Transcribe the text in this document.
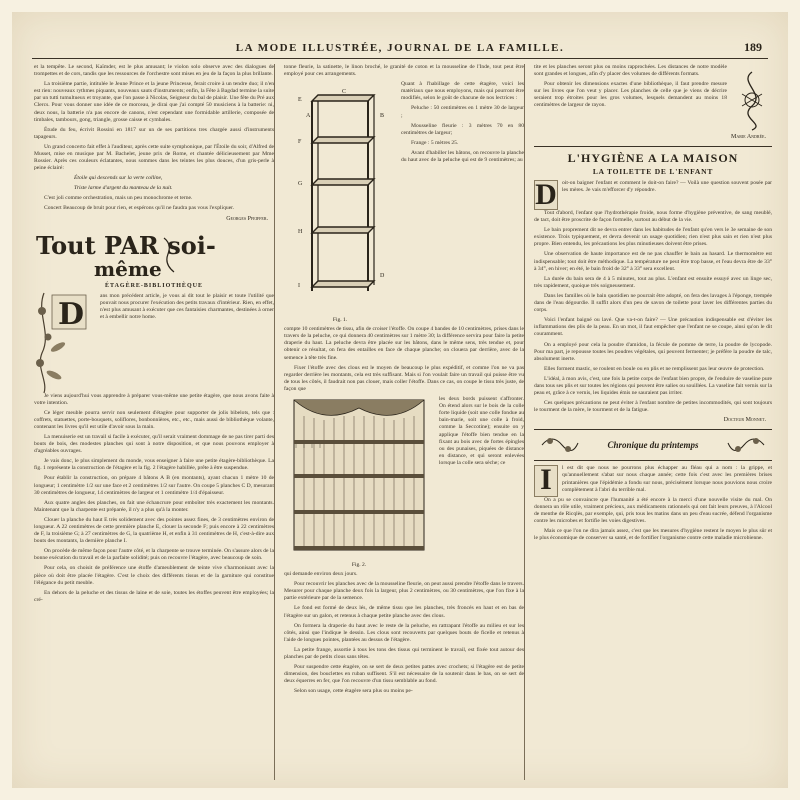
LA MODE ILLUSTRÉE, JOURNAL DE LA FAMILLE.	189

et la tempête. Le second, Kaïmder, est le plus amusant; le violon solo observe avec des dialogues de trompettes et de cors, tandis que les ressources de l'orchestre sont mises en jeu de la façon la plus brillante.

La troisième partie, intitulée le Jeune Prince et la jeune Princesse, ferait croire à un tendre duo; il n'en est rien: nouveaux rythmes piquants, nouveaux sauts d'instruments; enfin, la Fête à Bagdad termine la suite par un tutti tumultueux et troyante, que l'on passe à Nicolas, Seigneur du bal de plaisir. Une fête du Pré aux Clercs. Pour vous donner une idée de ce morceau, je dirai que j'ai compté 50 musiciens à la batterie: ni, deux nous, la batterie n'a pas encore de canons, n'est cependant une formidable artillerie, composée de timbales, tambours, gong, triangle, grosse caisse et cymbales.

Étude du feu, écrivit Rossini en 1817 sur un de ses partitions tres chargée aussi d'instruments tapageurs.

Un grand concerto fait effet à l'auditeur, après cette suite symphonique, par l'Étoile du soir, d'Alfred de Musset, mise en musique par M. Bachelet, jeune prix de Rome, et chantée délicieusement par Mme Rossier. Après ces couleurs éclatantes, nous sommes dans les teintes les plus douces, d'un gris-perle à peine éclairé:

Étoile qui descends sur la verte colline,
Triste larme d'argent du manteau de la nuit.

C'est joli comme orchestration, mais un peu monochrome et terne.

Concert Beaucoup de bruit pour rien, et espérons qu'il ne faudra pas vous l'expliquer.

Georges Pfeiffer.
Tout PAR soi-
même
ÉTAGÈRE-BIBLIOTHÈQUE
D

ans mon précédent article, je vous ai dit tout le plaisir et toute l'utilité que pouvait nous procurer l'exécution des petits travaux d'intérieur. Rien, en effet, n'est plus amusant à exécuter que ces fantaisies charmantes, destinées à orner et à embellir notre home.

Je viens aujourd'hui vous apprendre à préparer vous-même une petite étagère, que nous avons faite à votre intention.

Ce léger meuble pourra servir non seulement d'étagère pour supporter de jolis bibelots, tels que : coffrets, statuettes, porte-bouquets, soliflores, bonbonnières, etc., etc., mais aussi de bibliothèque volante, contenant les livres qu'il est utile d'avoir sous la main.

La menuiserie est un travail si facile à exécuter, qu'il serait vraiment dommage de ne pas tirer parti des bouts de bois, des modestes planches qui sont à notre disposition, et que nous pouvons employer à d'agréables ouvrages.

Je vais donc, le plus simplement du monde, vous enseigner à faire une petite étagère-bibliothèque. La fig. 1 représente la construction de l'étagère et la fig. 2 l'étagère habillée, prête à être suspendue.

Pour établir la construction, on prépare 4 bâtons A B (en montants), ayant chacun 1 mètre 10 de longueur; 1 centimètre 1/2 sur une face et 2 centimètres 1/2 sur l'autre. On coupe 5 planches C D, mesurant 30 centimètres de longueur, 14 centimètres de largeur et 1 centimètre 1/4 d'épaisseur.

Aux quatre angles des planches, on fait une échancrure pour emboîter très exactement les montants. Maintenant que la charpente est préparée, il n'y a plus qu'à la monter.

Clouer la planche du haut E très solidement avec des pointes assez fines, de 3 centimètres environ de longueur. A 22 centimètres de cette première planche E, clouer la seconde F; puis encore à 22 centimètres de F, la troisième G; à 27 centimètres de G, la quatrième H, et enfin à 31 centimètres de H, c'est-à-dire aux bouts des montants, la dernière planche I.

On procède de même façon pour l'autre côté, et la charpente se trouve terminée. On s'assure alors de la bonne exécution du travail et de la parfaite solidité; puis on recouvre l'étagère, avec beaucoup de soin.

Pour cela, on choisit de préférence une étoffe d'ameublement de teinte vive s'harmonisant avec la pièce où doit être placée l'étagère. C'est le choix des différents tissus et de la garniture qui constitue l'élégance du petit meuble.

En dehors de la peluche et des tissus de laine et de soie, toutes les étoffes peuvent être employées; la cré-

tonne fleurie, la satinette, le linon broché, le granité de coton et la mousseline de l'Inde, tout peut être employé pour ces arrangements.

E
F
G
H
I
B
A
C
D
Fig. 1.

Quant à l'habillage de cette étagère, voici les matériaux que nous employons, mais qui pourront être modifiés, selon le goût de chacune de nos lectrices :

Peluche : 50 centimètres en 1 mètre 30 de largeur ;

Mousseline fleurie : 3 mètres 70 en 80 centimètres de largeur;

Frange : 5 mètres 25.

Avant d'habiller les bâtons, on recouvre la planche du haut avec de la peluche qui est de 9 centimètres; au

compte 10 centimètres de tissu, afin de croiser l'étoffe. On coupe 4 bandes de 10 centimètres, prises dans le travers de la peluche, ce qui donnera 40 centimètres sur 1 mètre 30; la différence servira pour faire la petite draperie du haut. La peluche devra être placée sur les bâtons, dans le même sens, très tendue et, pour obtenir ce résultat, on fera des entailles en face de chaque planche; on clouera par derrière, avec de la semence à tête très fine.

Fixer l'étoffe avec des clous est le moyen de beaucoup le plus expéditif, et comme l'on ne va pas regarder derrière les montants, cela est très suffisant. Mais si l'on voulait faire un travail qui puisse être vu de tous les côtés, il faudrait non pas clouer, mais coller l'étoffe. Dans ce cas, on coupe le tissu très juste, de façon que

Fig. 2.

les deux bords puissent s'affronter. On étend alors sur le bois de la colle forte liquide (soit une colle fondue au bain-marie, soit une colle à froid, comme la Seccotine); ensuite on y applique l'étoffe bien tendue en la fixant au bois avec de fortes épingles ou des punaises, piquées de distance en distance, et qui seront enlevées lorsque la colle sera sèche; ce

qui demande environ deux jours.

Pour recouvrir les planches avec de la mousseline fleurie, on peut aussi prendre l'étoffe dans le travers. Mesurer pour chaque planche deux fois la largeur, plus 2 centimètres, ou 30 centimètres, que l'on fixe à la partie extérieure par de la semence.

Le fond est formé de deux lés, de même tissu que les planches, très froncés en haut et en bas de l'étagère sur un galon, et retenus à chaque petite planche avec des clous.

On formera la draperie du haut avec le reste de la peluche, en rattrapant l'étoffe au milieu et sur les côtés, ainsi que l'indique le dessin. Les clous sont recouverts par quelques bouts de ficelle et retenus à l'aide de longues pointes, plantées au dessus de l'étagère.

La petite frange, assortie à tous les tons des tissus qui terminent le travail, est fixée tout autour des planches par de petits clous sans têtes.

Pour suspendre cette étagère, on se sert de deux petites pattes avec crochets; si l'étagère est de petite dimension, des bouclettes en ruban suffisent. S'il est nécessaire de la soutenir dans le bas, on se sert de deux équerres en fer, que l'on recouvre d'un tissu semblable au fond.

Selon son usage, cette étagère sera plus ou moins pe-

tite et les planches seront plus ou moins rapprochées. Les distances de notre modèle sont grandes et longues, afin d'y placer des volumes de différents formats.

Pour obtenir les dimensions exactes d'une bibliothèque, il faut prendre mesure sur les livres que l'on veut y placer. Les planches de celle que je viens de décrire seraient trop étroites pour les gros volumes, lesquels demandent au moins 18 centimètres de largeur de rayon.

Marie Andrée.
L'HYGIÈNE A LA MAISON
LA TOILETTE DE L'ENFANT
D oit-on baigner l'enfant et comment le doit-on faire? — Voilà une question souvent posée par les mères. Je vais m'efforcer d'y répondre.

Tout d'abord, l'enfant que l'hydrothérapie froide, nous forme d'hygiène préventive, de sang meublé, de tact, doit être proscrite de façon formelle, surtout au début de la vie.

Le bain proprement dit ne devra entrer dans les habitudes de l'enfant qu'en vers le 3e semaine de son existence. Trois typiquement, et devra devenir un usage quotidien; rien n'est plus sain et rien n'est plus propre. Bien entendu, les précautions les plus minutieuses doivent être prises.

Une observation de haute importance est de ne pas chauffer le bain au hasard. Le thermomètre est indispensable; tout doit être méthodique. La température ne peut être trop basse, et l'eau devra être de 33° à 34°, en hiver; en été, le bain froid de 32° à 33° sera excellent.

La durée du bain sera de 4 à 5 minutes, tout au plus. L'enfant est ensuite essuyé avec un linge sec, très rapidement, quoique très soigneusement.

Dans les familles où le bain quotidien ne pourrait être adopté, on fera des lavages à l'éponge, trempée dans de l'eau dégourdie. Il suffit alors d'un peu de savon de toilette pour laver les différentes parties du corps.

Voici l'enfant baigné ou lavé. Que va-t-on faire? — Une précaution indispensable est d'éviter les inflammations des plis de la peau. En un mot, il faut empêcher que l'enfant ne se coupe, ainsi qu'on le dit couramment.

On a employé pour cela la poudre d'amidon, la fécule de pomme de terre, la poudre de lycopode. Pour ma part, je repousse toutes les poudres végétales, qui peuvent fermenter; je préfère la poudre de talc, absolument inerte.

Elles forment mastic, se roulent en boule ou en plis et ne remplissent pas leur œuvre de protection.

L'idéal, à mon avis, c'est, une fois la petite corps de l'enfant bien propre, de l'enduire de vaseline pure dans tous ses plis et sur toutes les régions qui peuvent être salies ou souillées. La vaseline fait vernis sur la peau et, grâce à ce vernis, les liquides émis ne sauraient pas irriter.

Ces quelques précautions ne peut éviter à l'enfant nombre de petites incommodités, qui sont toujours le tourment de la mère, le tourment et de la fatigue.

Docteur Monnet.
Chronique du printemps
I	l est dit que nous ne pourrons plus échapper au fléau qui a nom : la grippe, et qu'annuellement s'abat sur nous chaque année; cette fois c'est avec les premières brises printanières que l'épidémie a fondu sur nous, précisément lorsque nous pouvions nous croire complètement à l'abri du terrible mal.

On a pu se convaincre que l'humanité a été encore à la merci d'une nouvelle visite du mal. On donnera un rôle utile, vraiment précieux, aux médicaments rationnels qui ont fait leurs preuves, à l'Alcool de menthe de Ricqlès, par exemple, qui, pris tous les matins dans un peu d'eau sucrée, défend l'organisme contre les microbes et fortifie les voies digestives.

Mais ce que l'on ne dira jamais assez, c'est que les mesures d'hygiène restent le moyen le plus sûr et le plus économique de conserver sa santé, et de fortifier l'organisme contre cette maladie microbienne.
